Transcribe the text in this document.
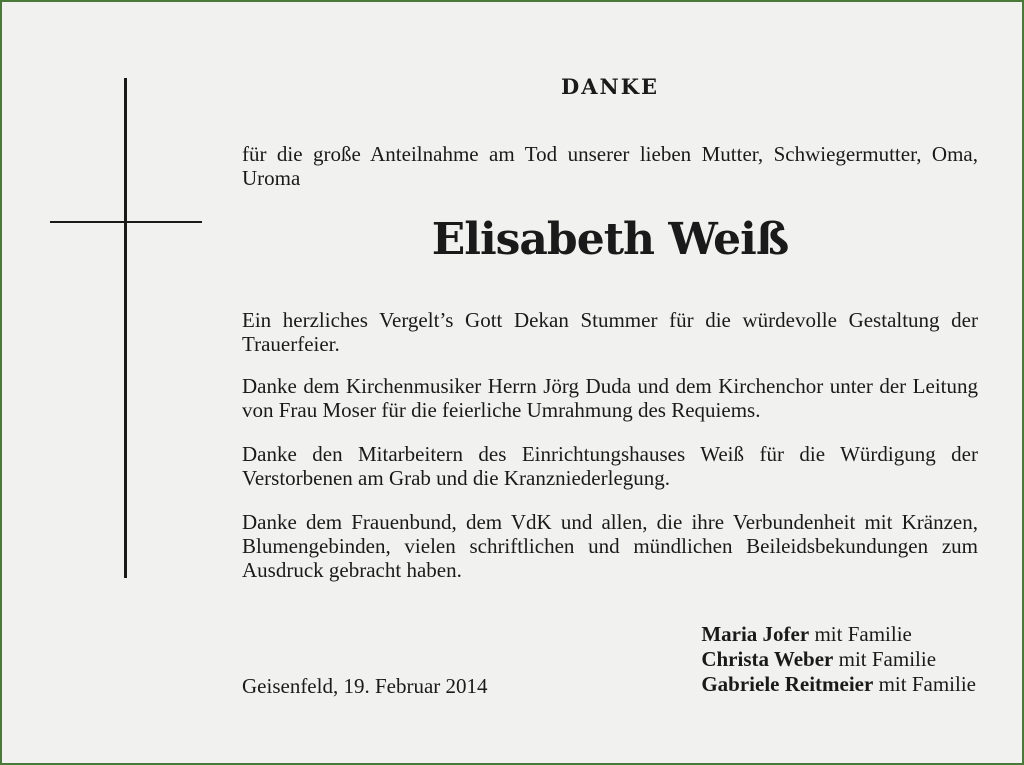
DANKE

für die große Anteilnahme am Tod unserer lieben Mutter, Schwiegermutter, Oma, Uroma

Elisabeth Weiß

Ein herzliches Vergelt’s Gott Dekan Stummer für die würdevolle Gestaltung der Trauerfeier.

Danke dem Kirchenmusiker Herrn Jörg Duda und dem Kirchenchor unter der Leitung von Frau Moser für die feierliche Umrahmung des Requiems.

Danke den Mitarbeitern des Einrichtungshauses Weiß für die Würdigung der Verstorbenen am Grab und die Kranzniederlegung.

Danke dem Frauenbund, dem VdK und allen, die ihre Verbundenheit mit Kränzen, Blumengebinden, vielen schriftlichen und mündlichen Beileidsbekundungen zum Ausdruck gebracht haben.

Geisenfeld, 19. Februar 2014
Maria Jofer mit Familie
Christa Weber mit Familie
Gabriele Reitmeier mit Familie
